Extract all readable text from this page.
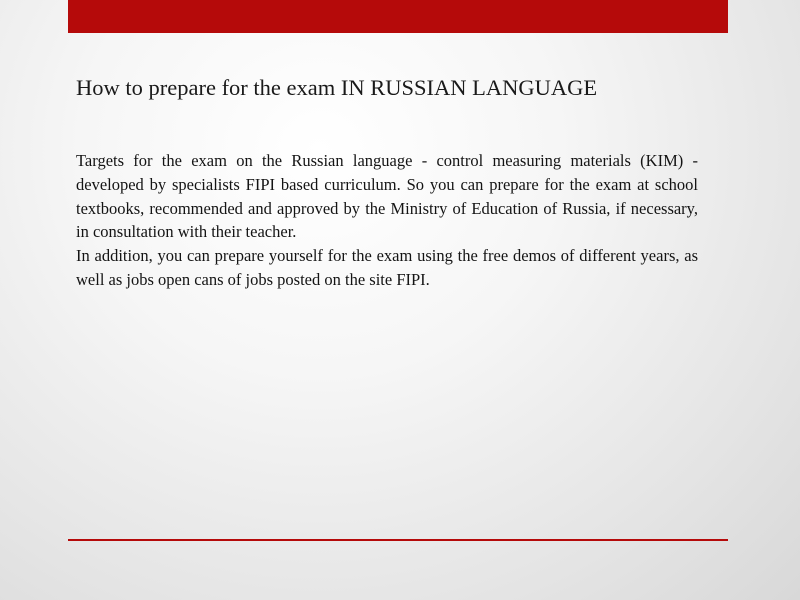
How to prepare for the exam IN RUSSIAN LANGUAGE

Targets for the exam on the Russian language - control measuring materials (KIM) - developed by specialists FIPI based curriculum. So you can prepare for the exam at school textbooks, recommended and approved by the Ministry of Education of Russia, if necessary, in consultation with their teacher.

In addition, you can prepare yourself for the exam using the free demos of different years, as well as jobs open cans of jobs posted on the site FIPI.
